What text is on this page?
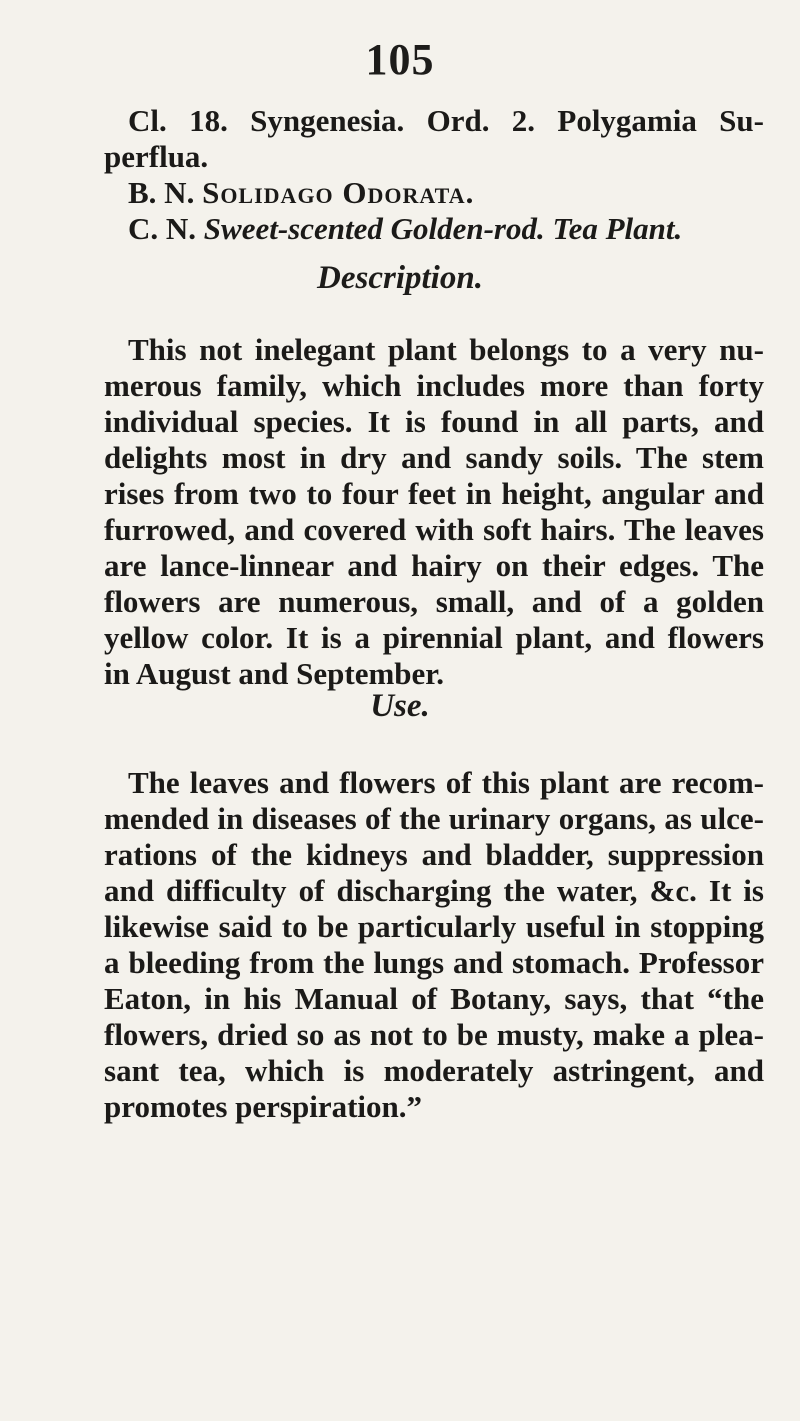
105
Cl. 18. Syngenesia. Ord. 2. Polygamia Su-
perflua.
B. N. Solidago Odorata.
C. N. Sweet-scented Golden-rod. Tea Plant.
Description.
This not inelegant plant belongs to a very nu-
merous family, which includes more than forty
individual species. It is found in all parts, and
delights most in dry and sandy soils. The stem
rises from two to four feet in height, angular and
furrowed, and covered with soft hairs. The leaves
are lance-linnear and hairy on their edges. The
flowers are numerous, small, and of a golden
yellow color. It is a pirennial plant, and flowers
in August and September.
Use.
The leaves and flowers of this plant are recom-
mended in diseases of the urinary organs, as ulce-
rations of the kidneys and bladder, suppression
and difficulty of discharging the water, &c. It is
likewise said to be particularly useful in stopping
a bleeding from the lungs and stomach. Professor
Eaton, in his Manual of Botany, says, that “the
flowers, dried so as not to be musty, make a plea-
sant tea, which is moderately astringent, and
promotes perspiration.”
